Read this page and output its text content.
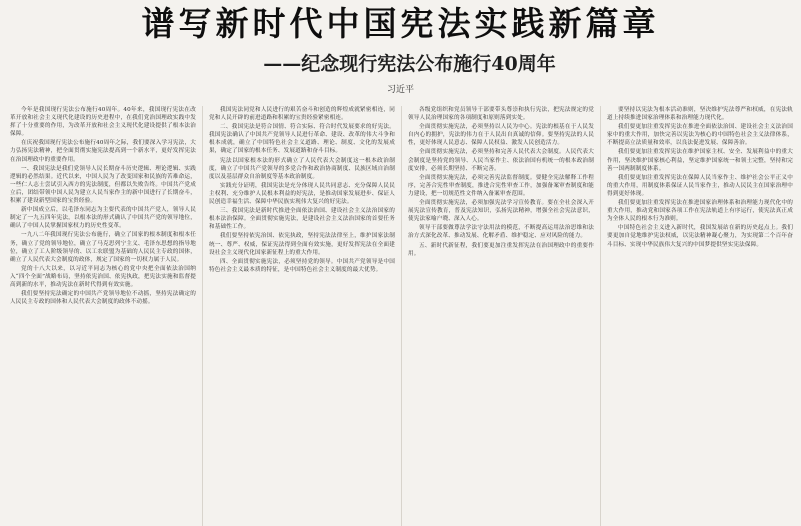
谱写新时代中国宪法实践新篇章
——纪念现行宪法公布施行40周年
习近平

今年是我国现行宪法公布施行40周年。40年来，我国现行宪法在改革开放和社会主义现代化建设的历史进程中，在我们党治国理政实践中发挥了十分重要的作用，为改革开放和社会主义现代化建设提供了根本法治保障。

在庆祝我国现行宪法公布施行40周年之际，我们要深入学习宪法，大力弘扬宪法精神，把全面贯彻实施宪法提高到一个新水平，更好发挥宪法在治国理政中的重要作用。

一、我国宪法是我们党领导人民长期奋斗历史逻辑、理论逻辑、实践逻辑的必然结果。近代以来，中国人民为了改变国家和民族的苦难命运，一些仁人志士尝试引入西方的宪法制度，但都以失败告终。中国共产党成立后，团结带领中国人民为建立人民当家作主的新中国进行了长期奋斗，积累了建设新型国家的宝贵经验。

新中国成立后，以毛泽东同志为主要代表的中国共产党人，领导人民制定了一九五四年宪法，以根本法的形式确认了中国共产党的领导地位，确认了中国人民掌握国家权力的历史性变革。

一九八二年我国现行宪法公布施行，确立了国家的根本制度和根本任务，确立了党的领导地位，确立了马克思列宁主义、毛泽东思想的指导地位，确立了工人阶级领导的、以工农联盟为基础的人民民主专政的国体，确立了人民代表大会制度的政体，规定了国家的一切权力属于人民。

党的十八大以来，以习近平同志为核心的党中央把全面依法治国纳入“四个全面”战略布局，坚持依宪治国、依宪执政，把宪法实施和监督提高到新的水平，推动宪法在新时代得到有效实施。

我们要坚持宪法确定的中国共产党领导地位不动摇，坚持宪法确定的人民民主专政的国体和人民代表大会制度的政体不动摇。

我国宪法同党和人民进行的艰苦奋斗和创造的辉煌成就紧密相连，同党和人民开辟的前进道路和积累的宝贵经验紧密相连。

二、我国宪法是符合国情、符合实际、符合时代发展要求的好宪法。我国宪法确认了中国共产党领导人民进行革命、建设、改革的伟大斗争和根本成就，确立了中国特色社会主义道路、理论、制度、文化的发展成果，确定了国家的根本任务、发展道路和奋斗目标。

宪法以国家根本法的形式确立了人民代表大会制度这一根本政治制度，确立了中国共产党领导的多党合作和政治协商制度、民族区域自治制度以及基层群众自治制度等基本政治制度。

实践充分证明，我国宪法是充分体现人民共同意志、充分保障人民民主权利、充分维护人民根本利益的好宪法，是推动国家发展进步、保证人民创造幸福生活、保障中华民族实现伟大复兴的好宪法。

三、我国宪法是新时代推进全面依法治国、建设社会主义法治国家的根本法治保障。全面贯彻实施宪法，是建设社会主义法治国家的首要任务和基础性工作。

我们要坚持依宪治国、依宪执政，坚持宪法法律至上，维护国家法制统一、尊严、权威，保证宪法得到全面有效实施，更好发挥宪法在全面建设社会主义现代化国家新征程上的重大作用。

四、全面贯彻实施宪法，必须坚持党的领导。中国共产党领导是中国特色社会主义最本质的特征，是中国特色社会主义制度的最大优势。

各级党组织和党员领导干部要带头尊崇和执行宪法，把宪法规定的党领导人民治理国家的各项制度和原则落到实处。

全面贯彻实施宪法，必须坚持以人民为中心。宪法的根基在于人民发自内心的拥护，宪法的伟力在于人民出自真诚的信仰。要坚持宪法的人民性，更好体现人民意志、保障人民权益、激发人民创造活力。

全面贯彻实施宪法，必须坚持和完善人民代表大会制度。人民代表大会制度是坚持党的领导、人民当家作主、依法治国有机统一的根本政治制度安排，必须长期坚持、不断完善。

全面贯彻实施宪法，必须完善宪法监督制度。要健全宪法解释工作程序，完善合宪性审查制度，推进合宪性审查工作，加强备案审查制度和能力建设，把一切规范性文件纳入备案审查范围。

全面贯彻实施宪法，必须加强宪法学习宣传教育。要在全社会深入开展宪法宣传教育，普及宪法知识，弘扬宪法精神，增强全社会宪法意识，使宪法家喻户晓、深入人心。

领导干部要做尊法学法守法用法的模范，不断提高运用法治思维和法治方式深化改革、推动发展、化解矛盾、维护稳定、应对风险的能力。

五、新时代新征程，我们要更加注重发挥宪法在治国理政中的重要作用。

要坚持以宪法为根本活动准则，坚决维护宪法尊严和权威，在宪法轨道上持续推进国家治理体系和治理能力现代化。

我们要更加注重发挥宪法在推进全面依法治国、建设社会主义法治国家中的重大作用，加快完善以宪法为核心的中国特色社会主义法律体系，不断提高立法质量和效率，以良法促进发展、保障善治。

我们要更加注重发挥宪法在维护国家主权、安全、发展利益中的重大作用，坚决维护国家核心利益，坚定维护国家统一和领土完整，坚持和完善一国两制制度体系。

我们要更加注重发挥宪法在保障人民当家作主、维护社会公平正义中的重大作用，用制度体系保证人民当家作主，推动人民民主在国家治理中得到更好体现。

我们要更加注重发挥宪法在推进国家治理体系和治理能力现代化中的重大作用，推动党和国家各项工作在宪法轨道上有序运行，使宪法真正成为全体人民的根本行为准则。

中国特色社会主义进入新时代，我国发展站在新的历史起点上。我们要更加自觉地维护宪法权威，以宪法精神凝心聚力，为实现第二个百年奋斗目标、实现中华民族伟大复兴的中国梦提供坚实宪法保障。
